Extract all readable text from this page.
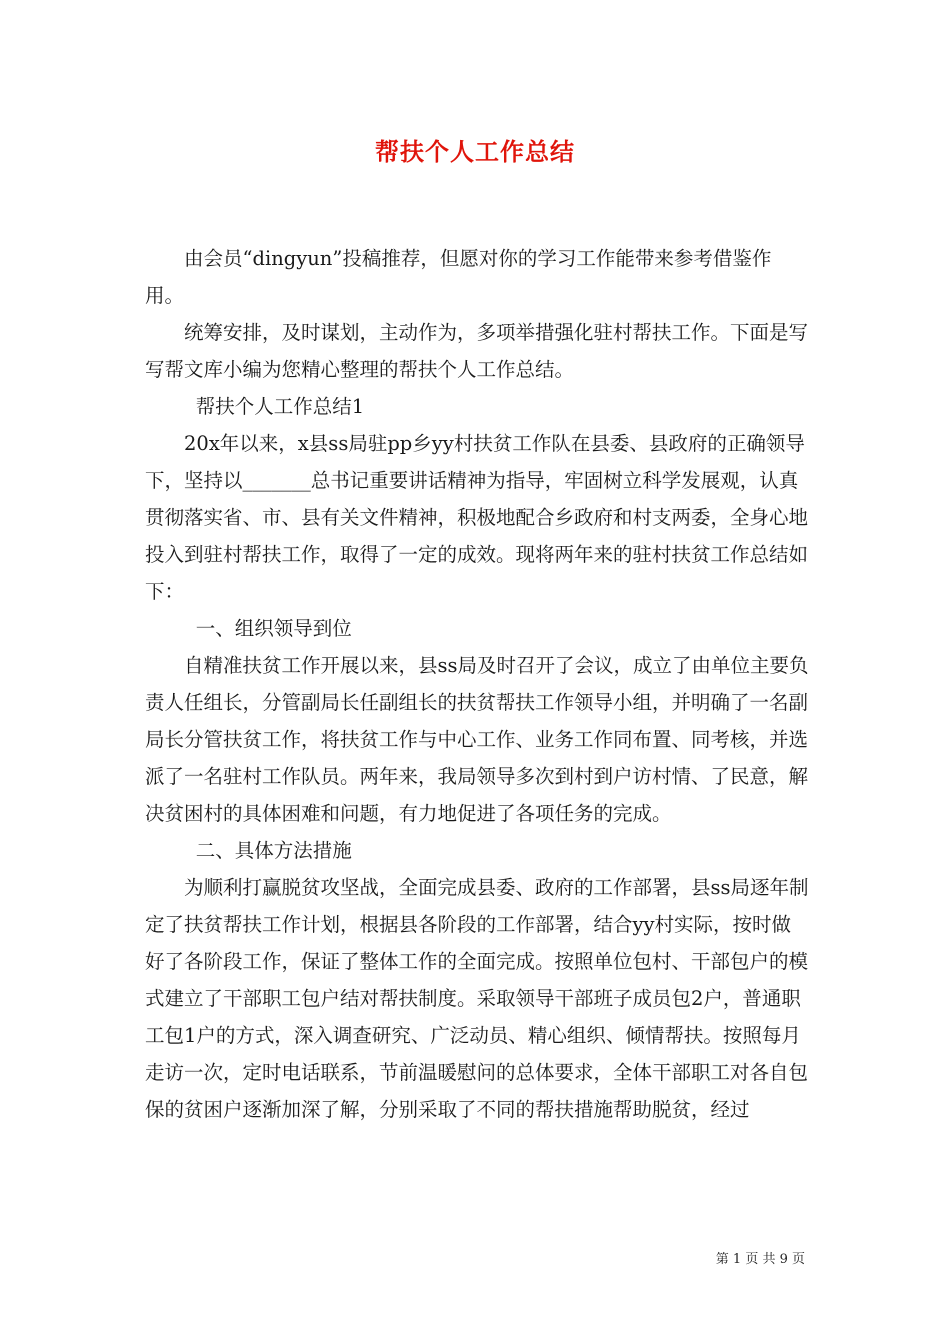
帮扶个人工作总结

由会员“dingyun”投稿推荐，但愿对你的学习工作能带来参考借鉴作用。

统筹安排，及时谋划，主动作为，多项举措强化驻村帮扶工作。下面是写写帮文库小编为您精心整理的帮扶个人工作总结。

帮扶个人工作总结1

20x年以来，x县ss局驻pp乡yy村扶贫工作队在县委、县政府的正确领导下，坚持以_______总书记重要讲话精神为指导，牢固树立科学发展观，认真贯彻落实省、市、县有关文件精神，积极地配合乡政府和村支两委，全身心地投入到驻村帮扶工作，取得了一定的成效。现将两年来的驻村扶贫工作总结如下：

一、组织领导到位

自精准扶贫工作开展以来，县ss局及时召开了会议，成立了由单位主要负责人任组长，分管副局长任副组长的扶贫帮扶工作领导小组，并明确了一名副局长分管扶贫工作，将扶贫工作与中心工作、业务工作同布置、同考核，并选派了一名驻村工作队员。两年来，我局领导多次到村到户访村情、了民意，解决贫困村的具体困难和问题，有力地促进了各项任务的完成。

二、具体方法措施

为顺利打赢脱贫攻坚战，全面完成县委、政府的工作部署，县ss局逐年制定了扶贫帮扶工作计划，根据县各阶段的工作部署，结合yy村实际，按时做好了各阶段工作，保证了整体工作的全面完成。按照单位包村、干部包户的模式建立了干部职工包户结对帮扶制度。采取领导干部班子成员包2户，普通职工包1户的方式，深入调查研究、广泛动员、精心组织、倾情帮扶。按照每月走访一次，定时电话联系，节前温暖慰问的总体要求，全体干部职工对各自包保的贫困户逐渐加深了解，分别采取了不同的帮扶措施帮助脱贫，经过

第 1 页 共 9 页
